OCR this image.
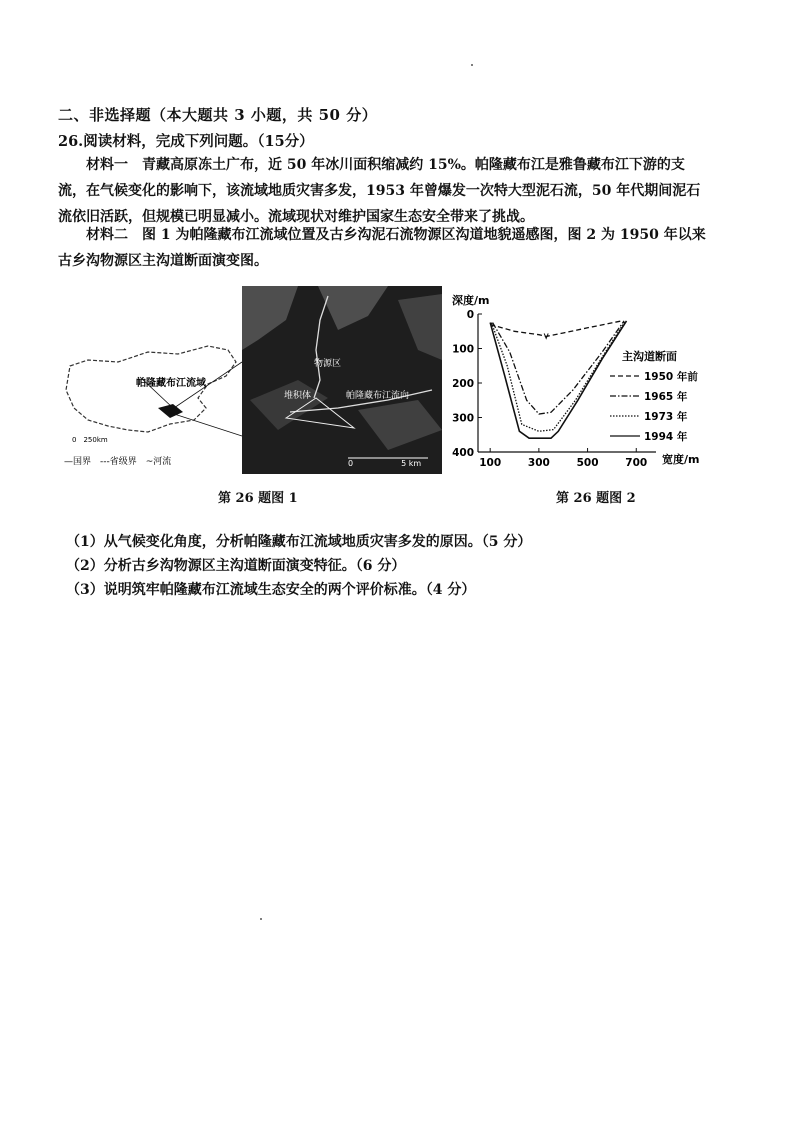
二、非选择题（本大题共 3 小题，共 50 分）
26.阅读材料，完成下列问题。（15分）
材料一　青藏高原冻土广布，近 50 年冰川面积缩减约 15%。帕隆藏布江是雅鲁藏布江下游的支流，在气候变化的影响下，该流域地质灾害多发，1953 年曾爆发一次特大型泥石流，50 年代期间泥石流依旧活跃，但规模已明显减小。流域现状对维护国家生态安全带来了挑战。
材料二　图 1 为帕隆藏布江流域位置及古乡沟泥石流物源区沟道地貌遥感图，图 2 为 1950 年以来古乡沟物源区主沟道断面演变图。
帕隆藏布江流域
0　250km
—国界　---省级界　~河流
物源区
堆积体	帕隆藏布江流向
0　　　　　　5 km
深度/m
宽度/m
0
100
200
300
400
100	300	500	700
主沟道断面
1950 年前
1965 年
1973 年
1994 年
第 26 题图 1	第 26 题图 2
（1）从气候变化角度，分析帕隆藏布江流域地质灾害多发的原因。（5 分）
（2）分析古乡沟物源区主沟道断面演变特征。（6 分）
（3）说明筑牢帕隆藏布江流域生态安全的两个评价标准。（4 分）
